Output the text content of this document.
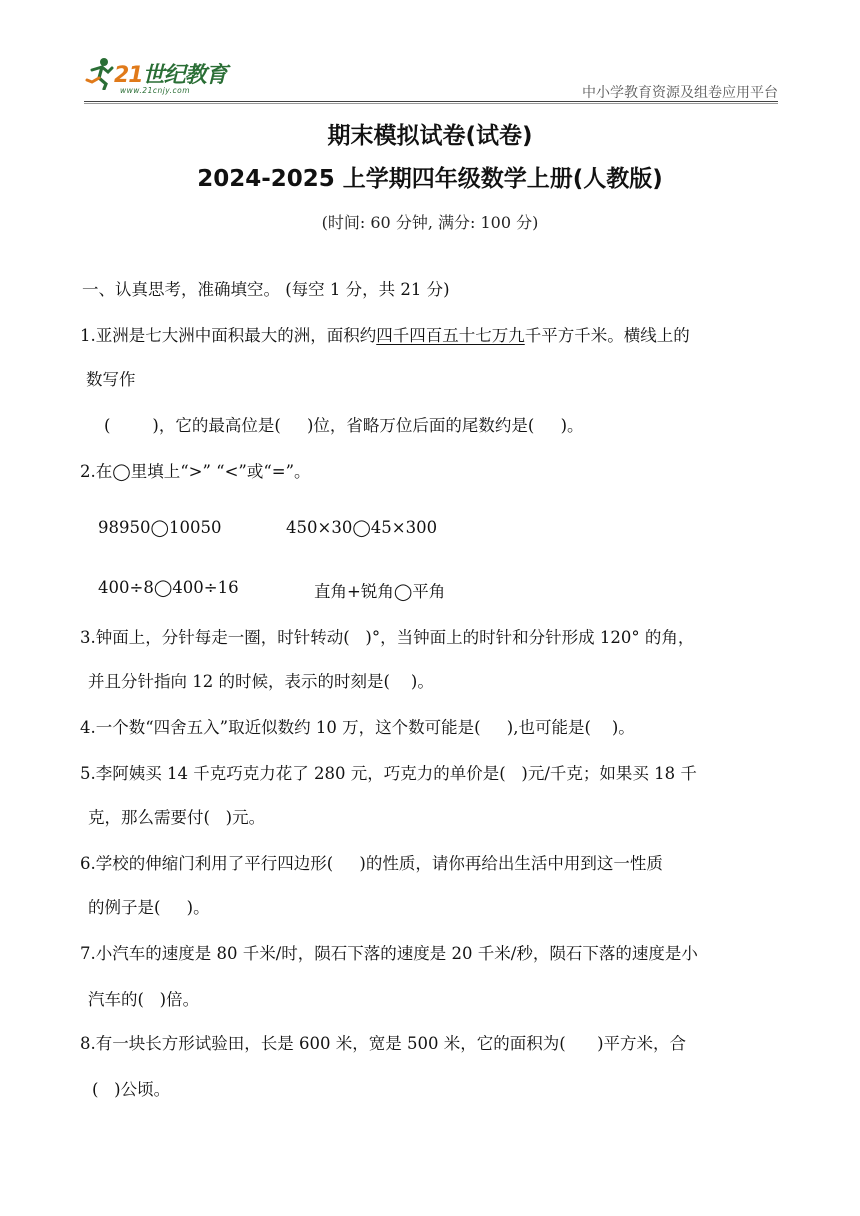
21世纪教育
www.21cnjy.com	中小学教育资源及组卷应用平台
期末模拟试卷(试卷)
2024-2025 上学期四年级数学上册(人教版)
(时间: 60 分钟, 满分: 100 分)
一、认真思考，准确填空。 (每空 1 分，共 21 分)
1.亚洲是七大洲中面积最大的洲，面积约四千四百五十七万九千平方千米。横线上的
数写作
(        )，它的最高位是(     )位，省略万位后面的尾数约是(     )。
2.在◯里填上“>” “<”或“=”。
98950◯10050	450×30◯45×300
400÷8◯400÷16	直角+锐角◯平角
3.钟面上，分针每走一圈，时针转动(   )°，当钟面上的时针和分针形成 120° 的角，
并且分针指向 12 的时候，表示的时刻是(    )。
4.一个数“四舍五入”取近似数约 10 万，这个数可能是(     ),也可能是(    )。
5.李阿姨买 14 千克巧克力花了 280 元，巧克力的单价是(   )元/千克；如果买 18 千
克，那么需要付(   )元。
6.学校的伸缩门利用了平行四边形(     )的性质，请你再给出生活中用到这一性质
的例子是(     )。
7.小汽车的速度是 80 千米/时，陨石下落的速度是 20 千米/秒，陨石下落的速度是小
汽车的(   )倍。
8.有一块长方形试验田，长是 600 米，宽是 500 米，它的面积为(      )平方米，合
(   )公顷。
